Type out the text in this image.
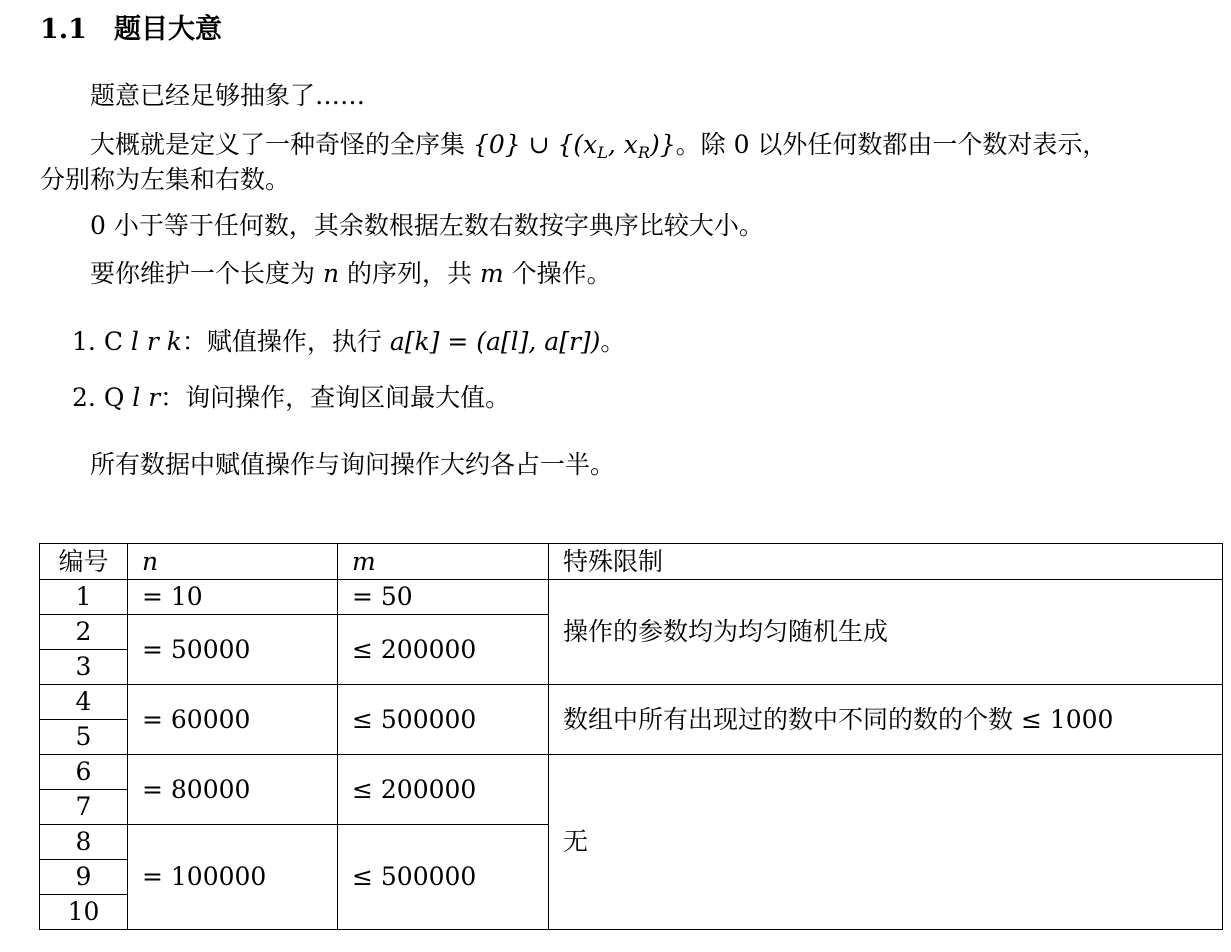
1.1 题目大意
题意已经足够抽象了……
大概就是定义了一种奇怪的全序集 {0} ∪ {($x_L$, $x_R$)}。除 0 以外任何数都由一个数对表示，
分别称为左集和右数。
0 小于等于任何数，其余数根据左数右数按字典序比较大小。
要你维护一个长度为 n 的序列，共 m 个操作。
1. C l r k：赋值操作，执行 a[k] = (a[l], a[r])。
2. Q l r：询问操作，查询区间最大值。
所有数据中赋值操作与询问操作大约各占一半。
编号	n	m	特殊限制
1	= 10	= 50	操作的参数均为均匀随机生成
2	= 50000	≤ 200000	
3			
4	= 60000	≤ 500000	数组中所有出现过的数中不同的数的个数 ≤ 1000
5			
6	= 80000	≤ 200000	无
7			
8	= 100000	≤ 500000	
9			
10			
